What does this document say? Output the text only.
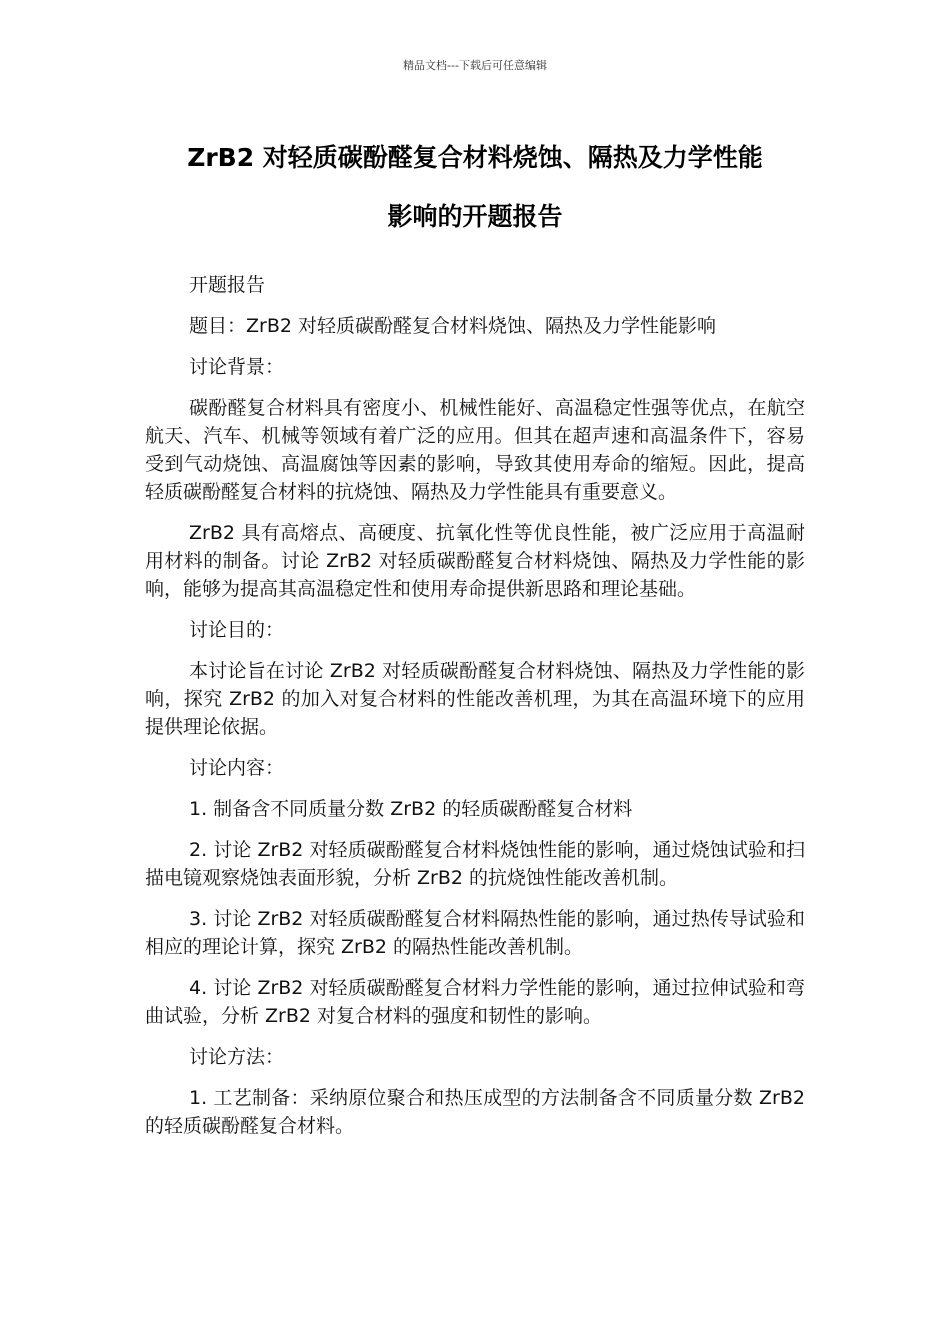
精品文档---下载后可任意编辑
ZrB2 对轻质碳酚醛复合材料烧蚀、隔热及力学性能
影响的开题报告

开题报告

题目：ZrB2 对轻质碳酚醛复合材料烧蚀、隔热及力学性能影响

讨论背景：

碳酚醛复合材料具有密度小、机械性能好、高温稳定性强等优点，在航空航天、汽车、机械等领域有着广泛的应用。但其在超声速和高温条件下，容易受到气动烧蚀、高温腐蚀等因素的影响，导致其使用寿命的缩短。因此，提高轻质碳酚醛复合材料的抗烧蚀、隔热及力学性能具有重要意义。

ZrB2 具有高熔点、高硬度、抗氧化性等优良性能，被广泛应用于高温耐用材料的制备。讨论 ZrB2 对轻质碳酚醛复合材料烧蚀、隔热及力学性能的影响，能够为提高其高温稳定性和使用寿命提供新思路和理论基础。

讨论目的：

本讨论旨在讨论 ZrB2 对轻质碳酚醛复合材料烧蚀、隔热及力学性能的影响，探究 ZrB2 的加入对复合材料的性能改善机理，为其在高温环境下的应用提供理论依据。

讨论内容：

1. 制备含不同质量分数 ZrB2 的轻质碳酚醛复合材料

2. 讨论 ZrB2 对轻质碳酚醛复合材料烧蚀性能的影响，通过烧蚀试验和扫描电镜观察烧蚀表面形貌，分析 ZrB2 的抗烧蚀性能改善机制。

3. 讨论 ZrB2 对轻质碳酚醛复合材料隔热性能的影响，通过热传导试验和相应的理论计算，探究 ZrB2 的隔热性能改善机制。

4. 讨论 ZrB2 对轻质碳酚醛复合材料力学性能的影响，通过拉伸试验和弯曲试验，分析 ZrB2 对复合材料的强度和韧性的影响。

讨论方法：

1. 工艺制备：采纳原位聚合和热压成型的方法制备含不同质量分数 ZrB2 的轻质碳酚醛复合材料。
